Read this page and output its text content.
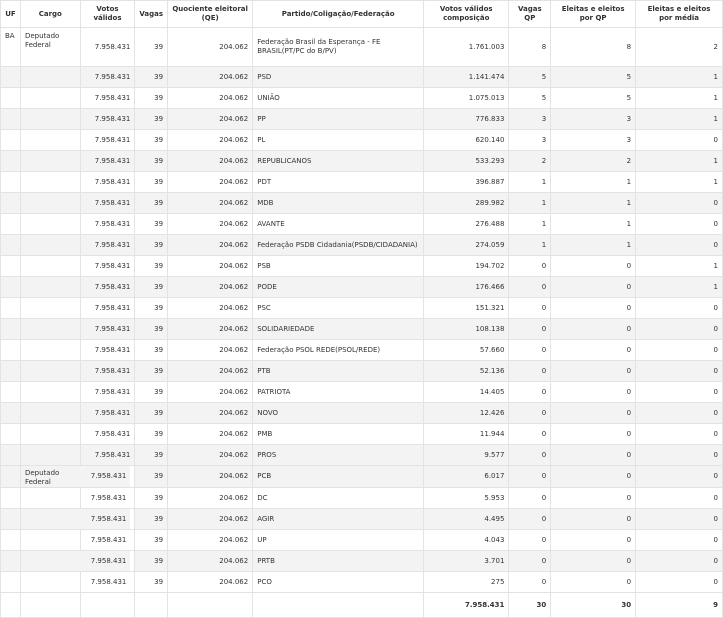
UF	Cargo	Votos válidos	Vagas	Quociente eleitoral (QE)	Partido/Coligação/Federação	Votos válidos composição	Vagas QP	Eleitas e eleitos por QP	Eleitas e eleitos por média
BA	Deputado Federal	7.958.431	39	204.062	Federação Brasil da Esperança - FE BRASIL(PT/PC do B/PV)	1.761.003	8	8	2
		7.958.431	39	204.062	PSD	1.141.474	5	5	1
		7.958.431	39	204.062	UNIÃO	1.075.013	5	5	1
		7.958.431	39	204.062	PP	776.833	3	3	1
		7.958.431	39	204.062	PL	620.140	3	3	0
		7.958.431	39	204.062	REPUBLICANOS	533.293	2	2	1
		7.958.431	39	204.062	PDT	396.887	1	1	1
		7.958.431	39	204.062	MDB	289.982	1	1	0
		7.958.431	39	204.062	AVANTE	276.488	1	1	0
		7.958.431	39	204.062	Federação PSDB Cidadania(PSDB/CIDADANIA)	274.059	1	1	0
		7.958.431	39	204.062	PSB	194.702	0	0	1
		7.958.431	39	204.062	PODE	176.466	0	0	1
		7.958.431	39	204.062	PSC	151.321	0	0	0
		7.958.431	39	204.062	SOLIDARIEDADE	108.138	0	0	0
		7.958.431	39	204.062	Federação PSOL REDE(PSOL/REDE)	57.660	0	0	0
		7.958.431	39	204.062	PTB	52.136	0	0	0
		7.958.431	39	204.062	PATRIOTA	14.405	0	0	0
		7.958.431	39	204.062	NOVO	12.426	0	0	0
		7.958.431	39	204.062	PMB	11.944	0	0	0
		7.958.431	39	204.062	PROS	9.577	0	0	0
	Deputado Federal	7.958.431	39	204.062	PCB	6.017	0	0	0
		7.958.431	39	204.062	DC	5.953	0	0	0
		7.958.431	39	204.062	AGIR	4.495	0	0	0
		7.958.431	39	204.062	UP	4.043	0	0	0
		7.958.431	39	204.062	PRTB	3.701	0	0	0
		7.958.431	39	204.062	PCO	275	0	0	0
						7.958.431	30	30	9
